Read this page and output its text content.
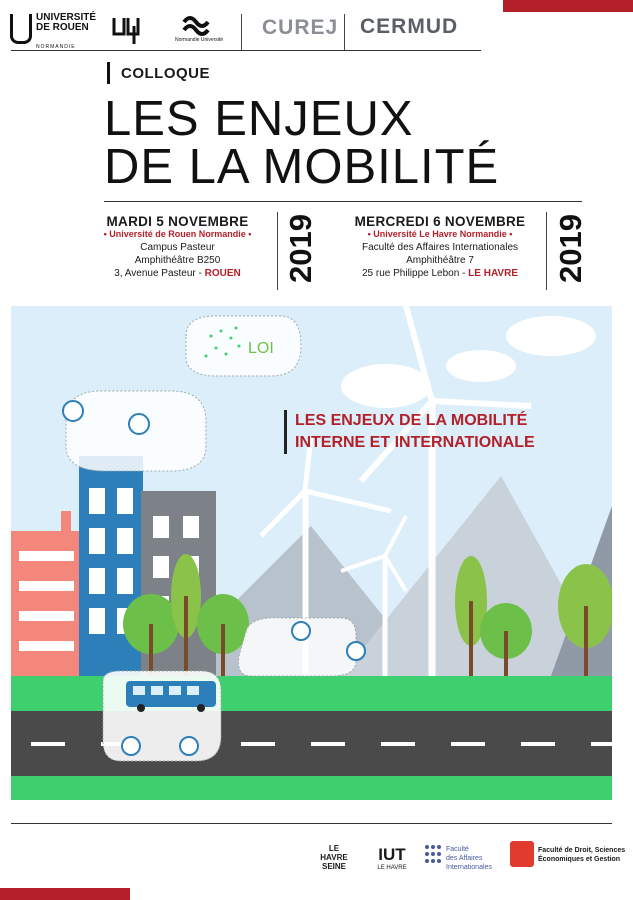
UNIVERSITÉ
DE ROUEN
NORMANDIE
Normandie Université
CUREJ CERMUD
COLLOQUE
LES ENJEUX
DE LA MOBILITÉ
MARDI 5 NOVEMBRE
• Université de Rouen Normandie •
Campus Pasteur
Amphithéâtre B250
3, Avenue Pasteur - ROUEN	2019	MERCREDI 6 NOVEMBRE
• Université Le Havre Normandie •
Faculté des Affaires Internationales
Amphithéâtre 7
25 rue Philippe Lebon - LE HAVRE	2019
LOI
LES ENJEUX DE LA MOBILITÉ
INTERNE ET INTERNATIONALE
LE
HAVRE
SEINE
IUT
LE HAVRE
Faculté
des Affaires
Internationales
Faculté de Droit, Sciences
Économiques et Gestion
